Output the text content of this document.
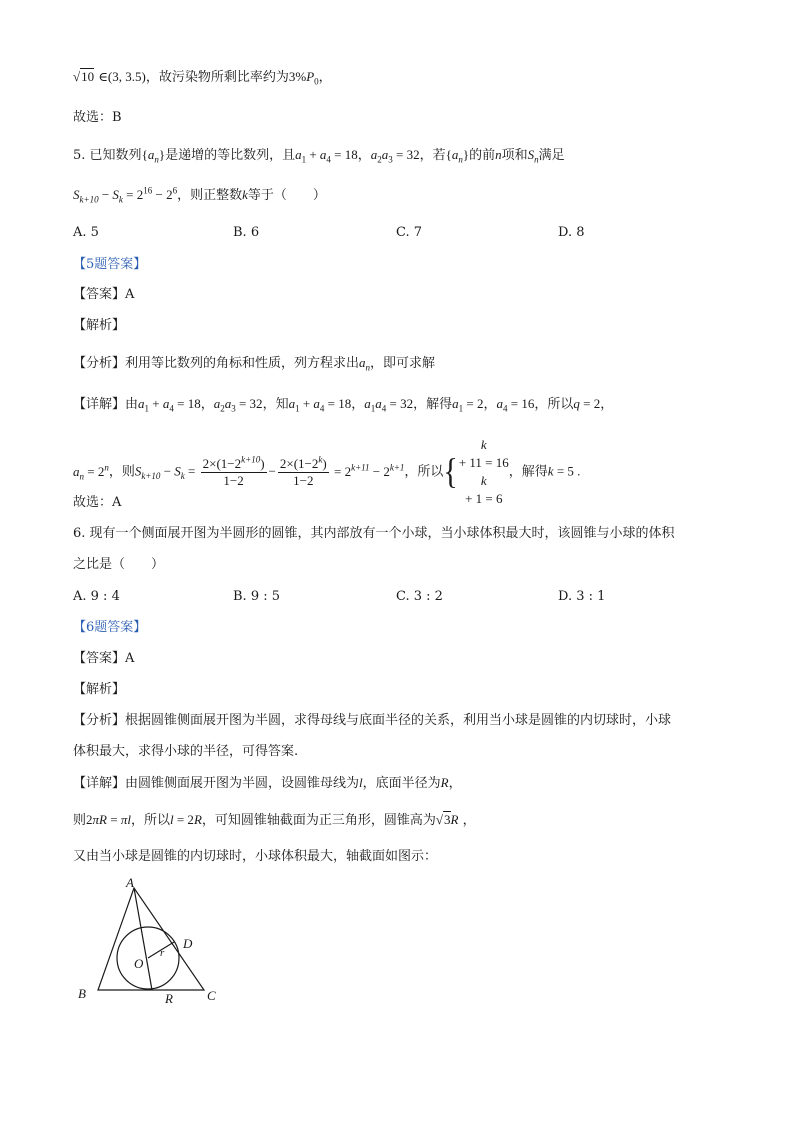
√10 ∈(3, 3.5)，故污染物所剩比率约为$3\%P_0$，
故选：B
5. 已知数列$\{a_n\}$是递增的等比数列，且$a_1 + a_4 = 18$，$a_2a_3 = 32$，若$\{a_n\}$的前n项和$S_n$满足
$S_{k+10} - S_k = 2^{16} - 2^6$，则正整数k等于（　　）
A. 5	B. 6	C. 7	D. 8
【5题答案】
【答案】A
【解析】
【分析】利用等比数列的角标和性质，列方程求出$a_n$，即可求解
【详解】由$a_1 + a_4 = 18$，$a_2a_3 = 32$，知$a_1 + a_4 = 18$，$a_1a_4 = 32$，解得$a_1 = 2$，$a_4 = 16$，所以q = 2，
$a_n = 2^n$，则$S_{k+10} - S_k = \frac{2\times(1-2^{k+10})}{1-2} - \frac{2\times(1-2^k)}{1-2} = 2^{k+11} - 2^{k+1}$，所以{
k
+ 11 = 16
k
+ 1 = 6
，解得k = 5 .
故选：A
6. 现有一个侧面展开图为半圆形的圆锥，其内部放有一个小球，当小球体积最大时，该圆锥与小球的体积
之比是（　　）
A. 9 : 4	B. 9 : 5	C. 3 : 2	D. 3 : 1
【6题答案】
【答案】A
【解析】
【分析】根据圆锥侧面展开图为半圆，求得母线与底面半径的关系，利用当小球是圆锥的内切球时，小球
体积最大，求得小球的半径，可得答案.
【详解】由圆锥侧面展开图为半圆，设圆锥母线为l，底面半径为R，
则2πR = πl，所以l = 2R，可知圆锥轴截面为正三角形，圆锥高为√3R ，
又由当小球是圆锥的内切球时，小球体积最大，轴截面如图示：
A
B	C
D
O
r
R
